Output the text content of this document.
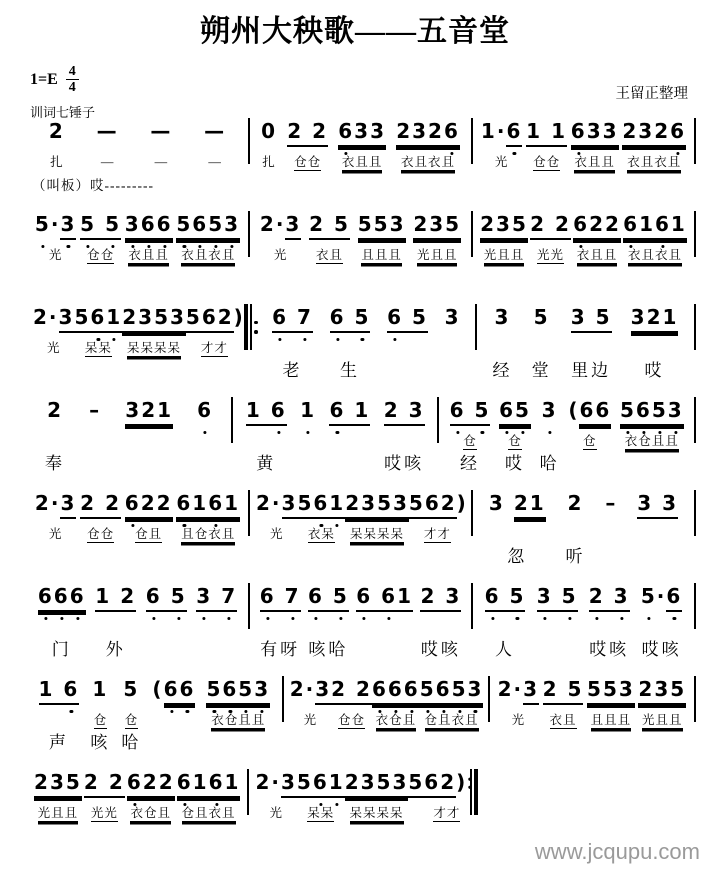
朔州大秧歌——五音堂
$1=E \frac{4}{4}$	王留正整理
训词七锤子
2
扎
—
—
—
—
—
—
（叫板）哎---------
0
扎
2 2
仓仓
633
衣且且
2326
衣且衣且
1·6
光
1 1
仓仓
633
衣且且
2326
衣且衣且
5·3
光
5 5
仓仓
366
衣且且
5653
衣且衣且
2·3
光
2 5
衣且
553
且且且
235
光且且
235
光且且
2 2
光光
622
衣且且
6161
衣且衣且
2·3
光
561
呆呆
2353
呆呆呆呆
562)
才才
6 7
老
6 5
生
6 5 3 3
经
5
堂
3 5
里边
321
哎
2
奉
– 321 6 1 6
黄
1 6 1 2 3
哎咳
6 5
仓
经
65
仓
哎
3
哈
(66
仓
5653
衣仓且且
2·3
光
2 2
仓仓
622
仓且
6161
且仓衣且
2·3
光
561
衣呆
2353
呆呆呆呆
562)
才才
3 21
忽
2
听
– 3 3
666
门
1 2
外
6 5 3 7 6 7
有呀
6 5
咳哈
6 61 2 3
哎咳
6 5
人
3 5 2 3
哎咳
5·6
哎咳
1 6
声
1
仓
咳
5
仓
哈
(66 5653
衣仓且且
2·3
光
2 2
仓仓
666
衣仓且
5653
仓且衣且
2·3
光
2 5
衣且
553
且且且
235
光且且
235
光且且
2 2
光光
622
衣仓且
6161
仓且衣且
2·3
光
561
呆呆
2353
呆呆呆呆
562)：
才才
www.jcqupu.com
